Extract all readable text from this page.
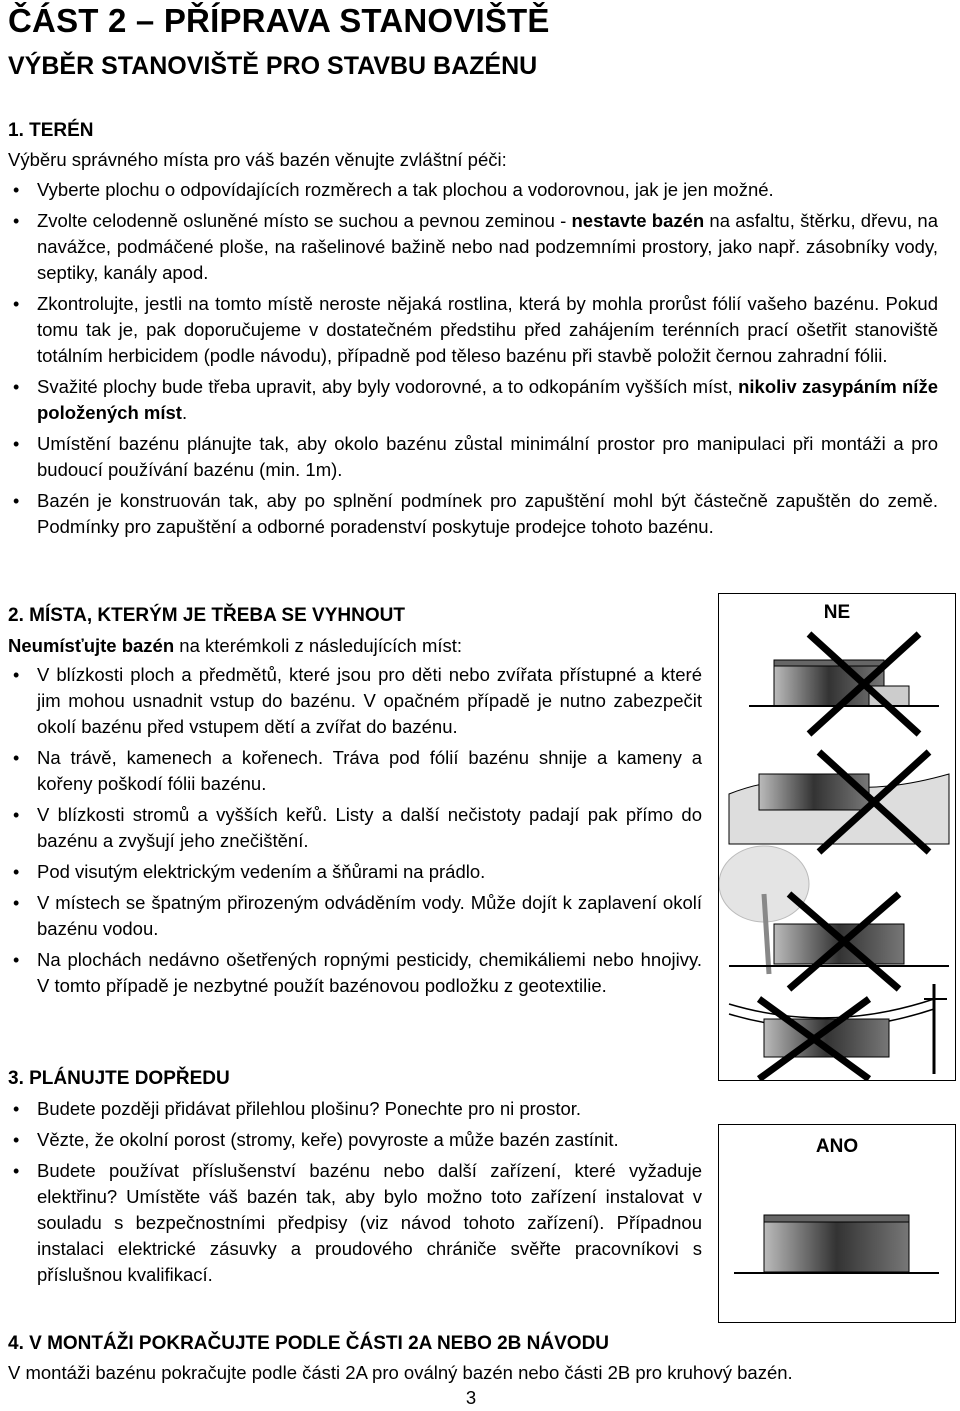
ČÁST 2 – PŘÍPRAVA STANOVIŠTĚ
VÝBĚR STANOVIŠTĚ PRO STAVBU BAZÉNU
1. TERÉN
Výběru správného místa pro váš bazén věnujte zvláštní péči:
• Vyberte plochu o odpovídajících rozměrech a tak plochou a vodorovnou, jak je jen možné.
• Zvolte celodenně osluněné místo se suchou a pevnou zeminou - nestavte bazén na asfaltu, štěrku, dřevu, na navážce, podmáčené ploše, na rašelinové bažině nebo nad podzemními prostory, jako např. zásobníky vody, septiky, kanály apod.
• Zkontrolujte, jestli na tomto místě neroste nějaká rostlina, která by mohla prorůst fólií vašeho bazénu. Pokud tomu tak je, pak doporučujeme v dostatečném předstihu před zahájením terénních prací ošetřit stanoviště totálním herbicidem (podle návodu), případně pod těleso bazénu při stavbě položit černou zahradní fólii.
• Svažité plochy bude třeba upravit, aby byly vodorovné, a to odkopáním vyšších míst, nikoliv zasypáním níže položených míst.
• Umístění bazénu plánujte tak, aby okolo bazénu zůstal minimální prostor pro manipulaci při montáži a pro budoucí používání bazénu (min. 1m).
• Bazén je konstruován tak, aby po splnění podmínek pro zapuštění mohl být částečně zapuštěn do země. Podmínky pro zapuštění a odborné poradenství poskytuje prodejce tohoto bazénu.
2. MÍSTA, KTERÝM JE TŘEBA SE VYHNOUT
Neumísťujte bazén na kterémkoli z následujících míst:
• V blízkosti ploch a předmětů, které jsou pro děti nebo zvířata přístupné a které jim mohou usnadnit vstup do bazénu. V opačném případě je nutno zabezpečit okolí bazénu před vstupem dětí a zvířat do bazénu.
• Na trávě, kamenech a kořenech. Tráva pod fólií bazénu shnije a kameny a kořeny poškodí fólii bazénu.
• V blízkosti stromů a vyšších keřů. Listy a další nečistoty padají pak přímo do bazénu a zvyšují jeho znečištění.
• Pod visutým elektrickým vedením a šňůrami na prádlo.
• V místech se špatným přirozeným odváděním vody. Může dojít k zaplavení okolí bazénu vodou.
• Na plochách nedávno ošetřených ropnými pesticidy, chemikáliemi nebo hnojivy. V tomto případě je nezbytné použít bazénovou podložku z geotextilie.
3. PLÁNUJTE DOPŘEDU
• Budete později přidávat přilehlou plošinu? Ponechte pro ni prostor.
• Vězte, že okolní porost (stromy, keře) povyroste a může bazén zastínit.
• Budete používat příslušenství bazénu nebo další zařízení, které vyžaduje elektřinu? Umístěte váš bazén tak, aby bylo možno toto zařízení instalovat v souladu s bezpečnostními předpisy (viz návod tohoto zařízení). Případnou instalaci elektrické zásuvky a proudového chrániče svěřte pracovníkovi s příslušnou kvalifikací.
4. V MONTÁŽI POKRAČUJTE PODLE ČÁSTI 2A NEBO 2B NÁVODU
V montáži bazénu pokračujte podle části 2A pro oválný bazén nebo části 2B pro kruhový bazén.
3
NE
ANO
